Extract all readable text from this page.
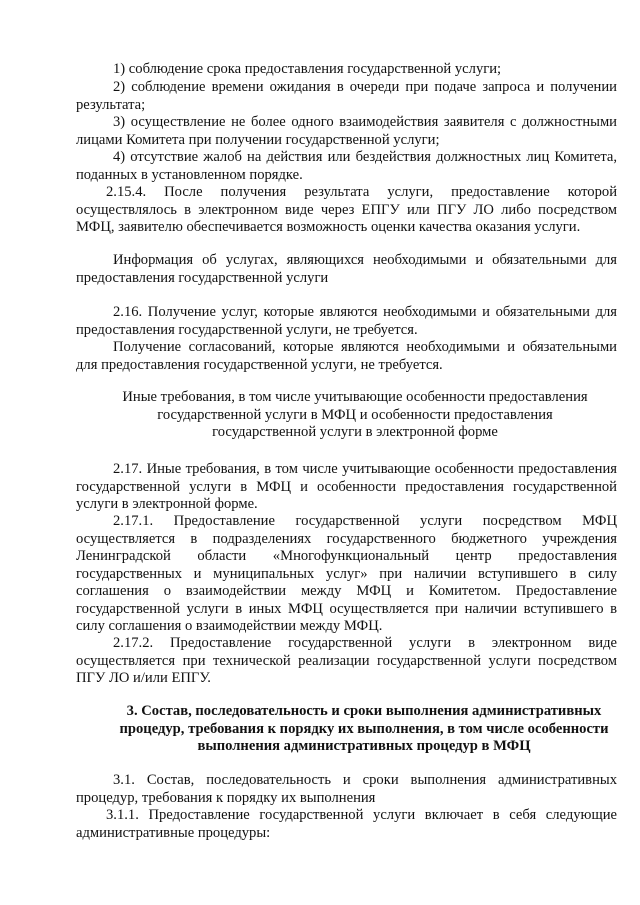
1) соблюдение срока предоставления государственной услуги;
2) соблюдение времени ожидания в очереди при подаче запроса и получении результата;
3) осуществление не более одного взаимодействия заявителя с должностными лицами Комитета при получении государственной услуги;
4) отсутствие жалоб на действия или бездействия должностных лиц Комитета, поданных в установленном порядке.
2.15.4. После получения результата услуги, предоставление которой осуществлялось в электронном виде через ЕПГУ или ПГУ ЛО либо посредством МФЦ, заявителю обеспечивается возможность оценки качества оказания услуги.
Информация об услугах, являющихся необходимыми и обязательными для предоставления государственной услуги
2.16. Получение услуг, которые являются необходимыми и обязательными для предоставления государственной услуги, не требуется.
Получение согласований, которые являются необходимыми и обязательными для предоставления государственной услуги, не требуется.
Иные требования, в том числе учитывающие особенности предоставления государственной услуги в МФЦ и особенности предоставления государственной услуги в электронной форме
2.17. Иные требования, в том числе учитывающие особенности предоставления государственной услуги в МФЦ и особенности предоставления государственной услуги в электронной форме.
2.17.1. Предоставление государственной услуги посредством МФЦ осуществляется в подразделениях государственного бюджетного учреждения Ленинградской области «Многофункциональный центр предоставления государственных и муниципальных услуг» при наличии вступившего в силу соглашения о взаимодействии между МФЦ и Комитетом. Предоставление государственной услуги в иных МФЦ осуществляется при наличии вступившего в силу соглашения о взаимодействии между МФЦ.
2.17.2. Предоставление государственной услуги в электронном виде осуществляется при технической реализации государственной услуги посредством ПГУ ЛО и/или ЕПГУ.
3. Состав, последовательность и сроки выполнения административных процедур, требования к порядку их выполнения, в том числе особенности выполнения административных процедур в МФЦ
3.1. Состав, последовательность и сроки выполнения административных процедур, требования к порядку их выполнения
3.1.1. Предоставление государственной услуги включает в себя следующие административные процедуры:
